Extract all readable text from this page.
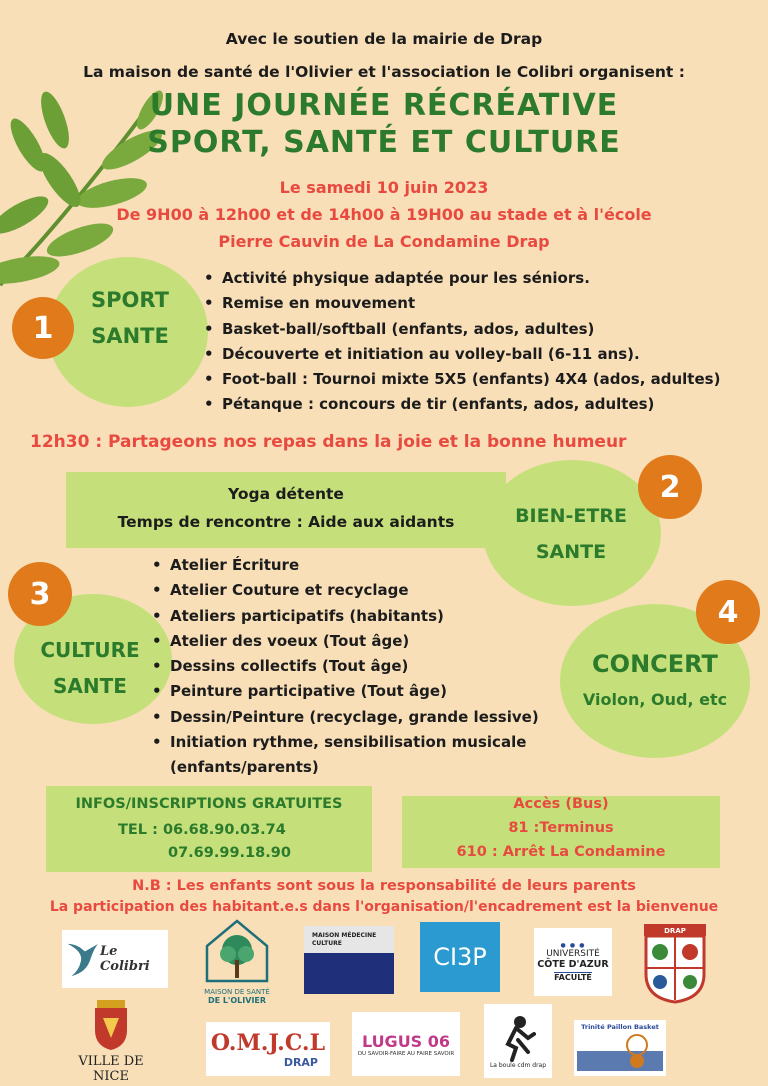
Avec le soutien de la mairie de Drap
La maison de santé de l'Olivier et l'association le Colibri organisent :
UNE JOURNÉE RÉCRÉATIVE
SPORT, SANTÉ ET CULTURE
Le samedi 10 juin 2023
De 9H00 à 12h00 et de 14h00 à 19H00 au stade et à l'école
Pierre Cauvin de La Condamine Drap
1
SPORT
SANTE
• Activité physique adaptée pour les séniors.
• Remise en mouvement
• Basket-ball/softball (enfants, ados, adultes)
• Découverte et initiation au volley-ball (6-11 ans).
• Foot-ball : Tournoi mixte 5X5 (enfants) 4X4 (ados, adultes)
• Pétanque : concours de tir (enfants, ados, adultes)
12h30 : Partageons nos repas dans la joie et la bonne humeur
Yoga détente
Temps de rencontre : Aide aux aidants	BIEN-ETRE
SANTE
2
3
CULTURE
SANTE
• Atelier Écriture
• Atelier Couture et recyclage
• Ateliers participatifs (habitants)
• Atelier des voeux (Tout âge)
• Dessins collectifs (Tout âge)
• Peinture participative (Tout âge)
• Dessin/Peinture (recyclage, grande lessive)
• Initiation rythme, sensibilisation musicale (enfants/parents)
4
CONCERT
Violon, Oud, etc
INFOS/INSCRIPTIONS GRATUITES
TEL : 06.68.90.03.74
07.69.99.18.90
Accès (Bus)
81 :Terminus
610 : Arrêt La Condamine
N.B : Les enfants sont sous la responsabilité de leurs parents
La participation des habitant.e.s dans l'organisation/l'encadrement est la bienvenue
Le Colibri
MAISON DE SANTÉ
DE L'OLIVIER
MAISON MÉDECINE CULTURE	CI3P	● ● ●
UNIVERSITÉ
CÔTE D'AZUR
FACULTÉ
DRAP
VILLE DE NICE
O.M.J.C.L
DRAP
LUGUS 06
DU SAVOIR-FAIRE AU FAIRE SAVOIR
La boule cdm drap
Trinité Paillon Basket
